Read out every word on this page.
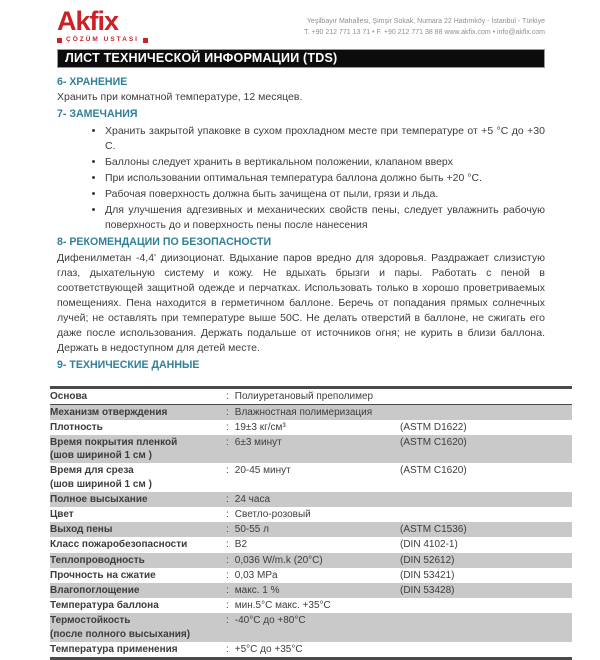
Akfix
ÇÖZÜM USTASI
Yeşilbayır Mahallesi, Şimşir Sokak, Numara 22 Hadımköy - İstanbul - Türkiye
T. +90 212 771 13 71 • F. +90 212 771 38 88 www.akfix.com • info@akfix.com
ЛИСТ ТЕХНИЧЕСКОЙ ИНФОРМАЦИИ (TDS)
6- ХРАНЕНИЕ

Хранить при комнатной температуре, 12 месяцев.

7- ЗАМЕЧАНИЯ
• Хранить закрытой упаковке в сухом прохладном месте при температуре от +5 °С до +30 С.
• Баллоны следует хранить в вертикальном положении, клапаном вверх
• При использовании оптимальная температура баллона должно быть +20 °С.
• Рабочая поверхность должна быть зачищена от пыли, грязи и льда.
• Для улучшения адгезивных и механических свойств пены, следует увлажнить рабочую поверхность до и поверхность пены после нанесения
8- РЕКОМЕНДАЦИИ ПО БЕЗОПАСНОСТИ

Дифенилметан -4,4' диизоционат. Вдыхание паров вредно для здоровья. Раздражает слизистую глаз, дыхательную систему и кожу. Не вдыхать брызги и пары. Работать с пеной в соответствующей защитной одежде и перчатках. Использовать только в хорошо проветриваемых помещениях. Пена находится в герметичном баллоне. Беречь от попадания прямых солнечных лучей; не оставлять при температуре выше 50С. Не делать отверстий в баллоне, не сжигать его даже после использования. Держать подальше от источников огня; не курить в близи баллона. Держать в недоступном для детей месте.

9- ТЕХНИЧЕСКИЕ ДАННЫЕ
Основа	: Полиуретановый преполимер	

Механизм отверждения	: Влажностная полимеризация	

Плотность	: 19±3 кг/см³	(ASTM D1622)

Время покрытия пленкой
(шов шириной 1 см )	: 6±3 минут	(ASTM C1620)

Время для среза
(шов шириной 1 см )	: 20-45 минут	(ASTM C1620)

Полное высыхание	: 24 часа	

Цвет	: Светло-розовый	

Выход пены	: 50-55 л	(ASTM C1536)

Класс пожаробезопасности	: B2	(DIN 4102-1)

Теплопроводность	: 0,036 W/m.k (20°C)	(DIN 52612)

Прочность на сжатие	: 0,03 MPa	(DIN 53421)

Влагопоглощение	: макс. 1 %	(DIN 53428)

Температура баллона	: мин.5°C макс. +35°C	

Термостойкость
(после полного высыхания)	: -40°C до +80°C	

Температура применения	: +5°C до +35°C	
